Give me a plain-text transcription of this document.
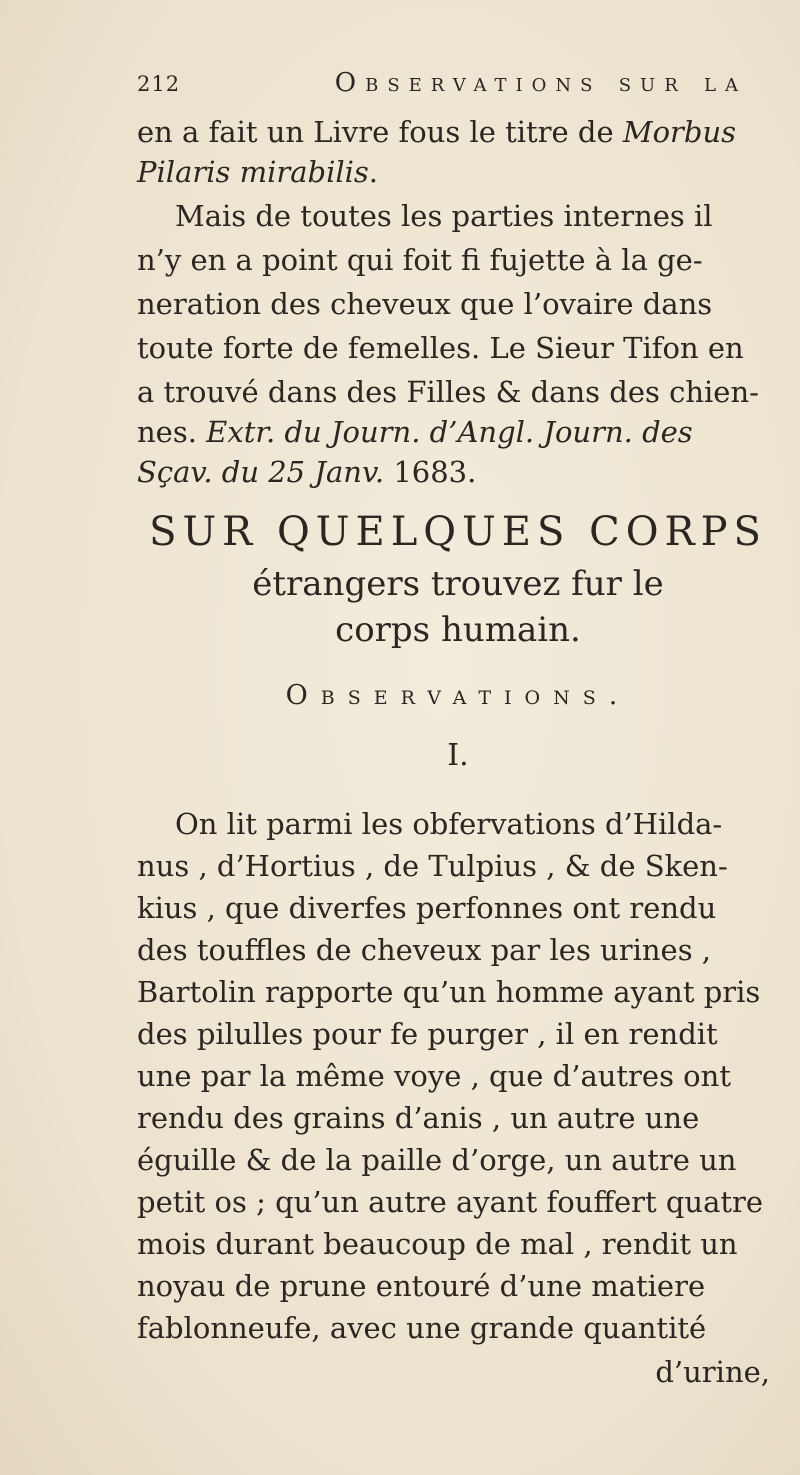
212	Observations sur la
en a fait un Livre fous le titre de Morbus
Pilaris mirabilis.
Mais de toutes les parties internes il
n’y en a point qui foit fi fujette à la ge-
neration des cheveux que l’ovaire dans
toute forte de femelles. Le Sieur Tifon en
a trouvé dans des Filles & dans des chien-
nes. Extr. du Journ. d’Angl. Journ. des
Sçav. du 25 Janv. 1683.
SUR QUELQUES CORPS
étrangers trouvez fur le
corps humain.
Observations.
I.
On lit parmi les obfervations d’Hilda-
nus , d’Hortius , de Tulpius , & de Sken-
kius , que diverfes perfonnes ont rendu
des touffles de cheveux par les urines ,
Bartolin rapporte qu’un homme ayant pris
des pilulles pour fe purger , il en rendit
une par la même voye , que d’autres ont
rendu des grains d’anis , un autre une
éguille & de la paille d’orge, un autre un
petit os ; qu’un autre ayant fouffert quatre
mois durant beaucoup de mal , rendit un
noyau de prune entouré d’une matiere
fablonneufe, avec une grande quantité
d’urine,
